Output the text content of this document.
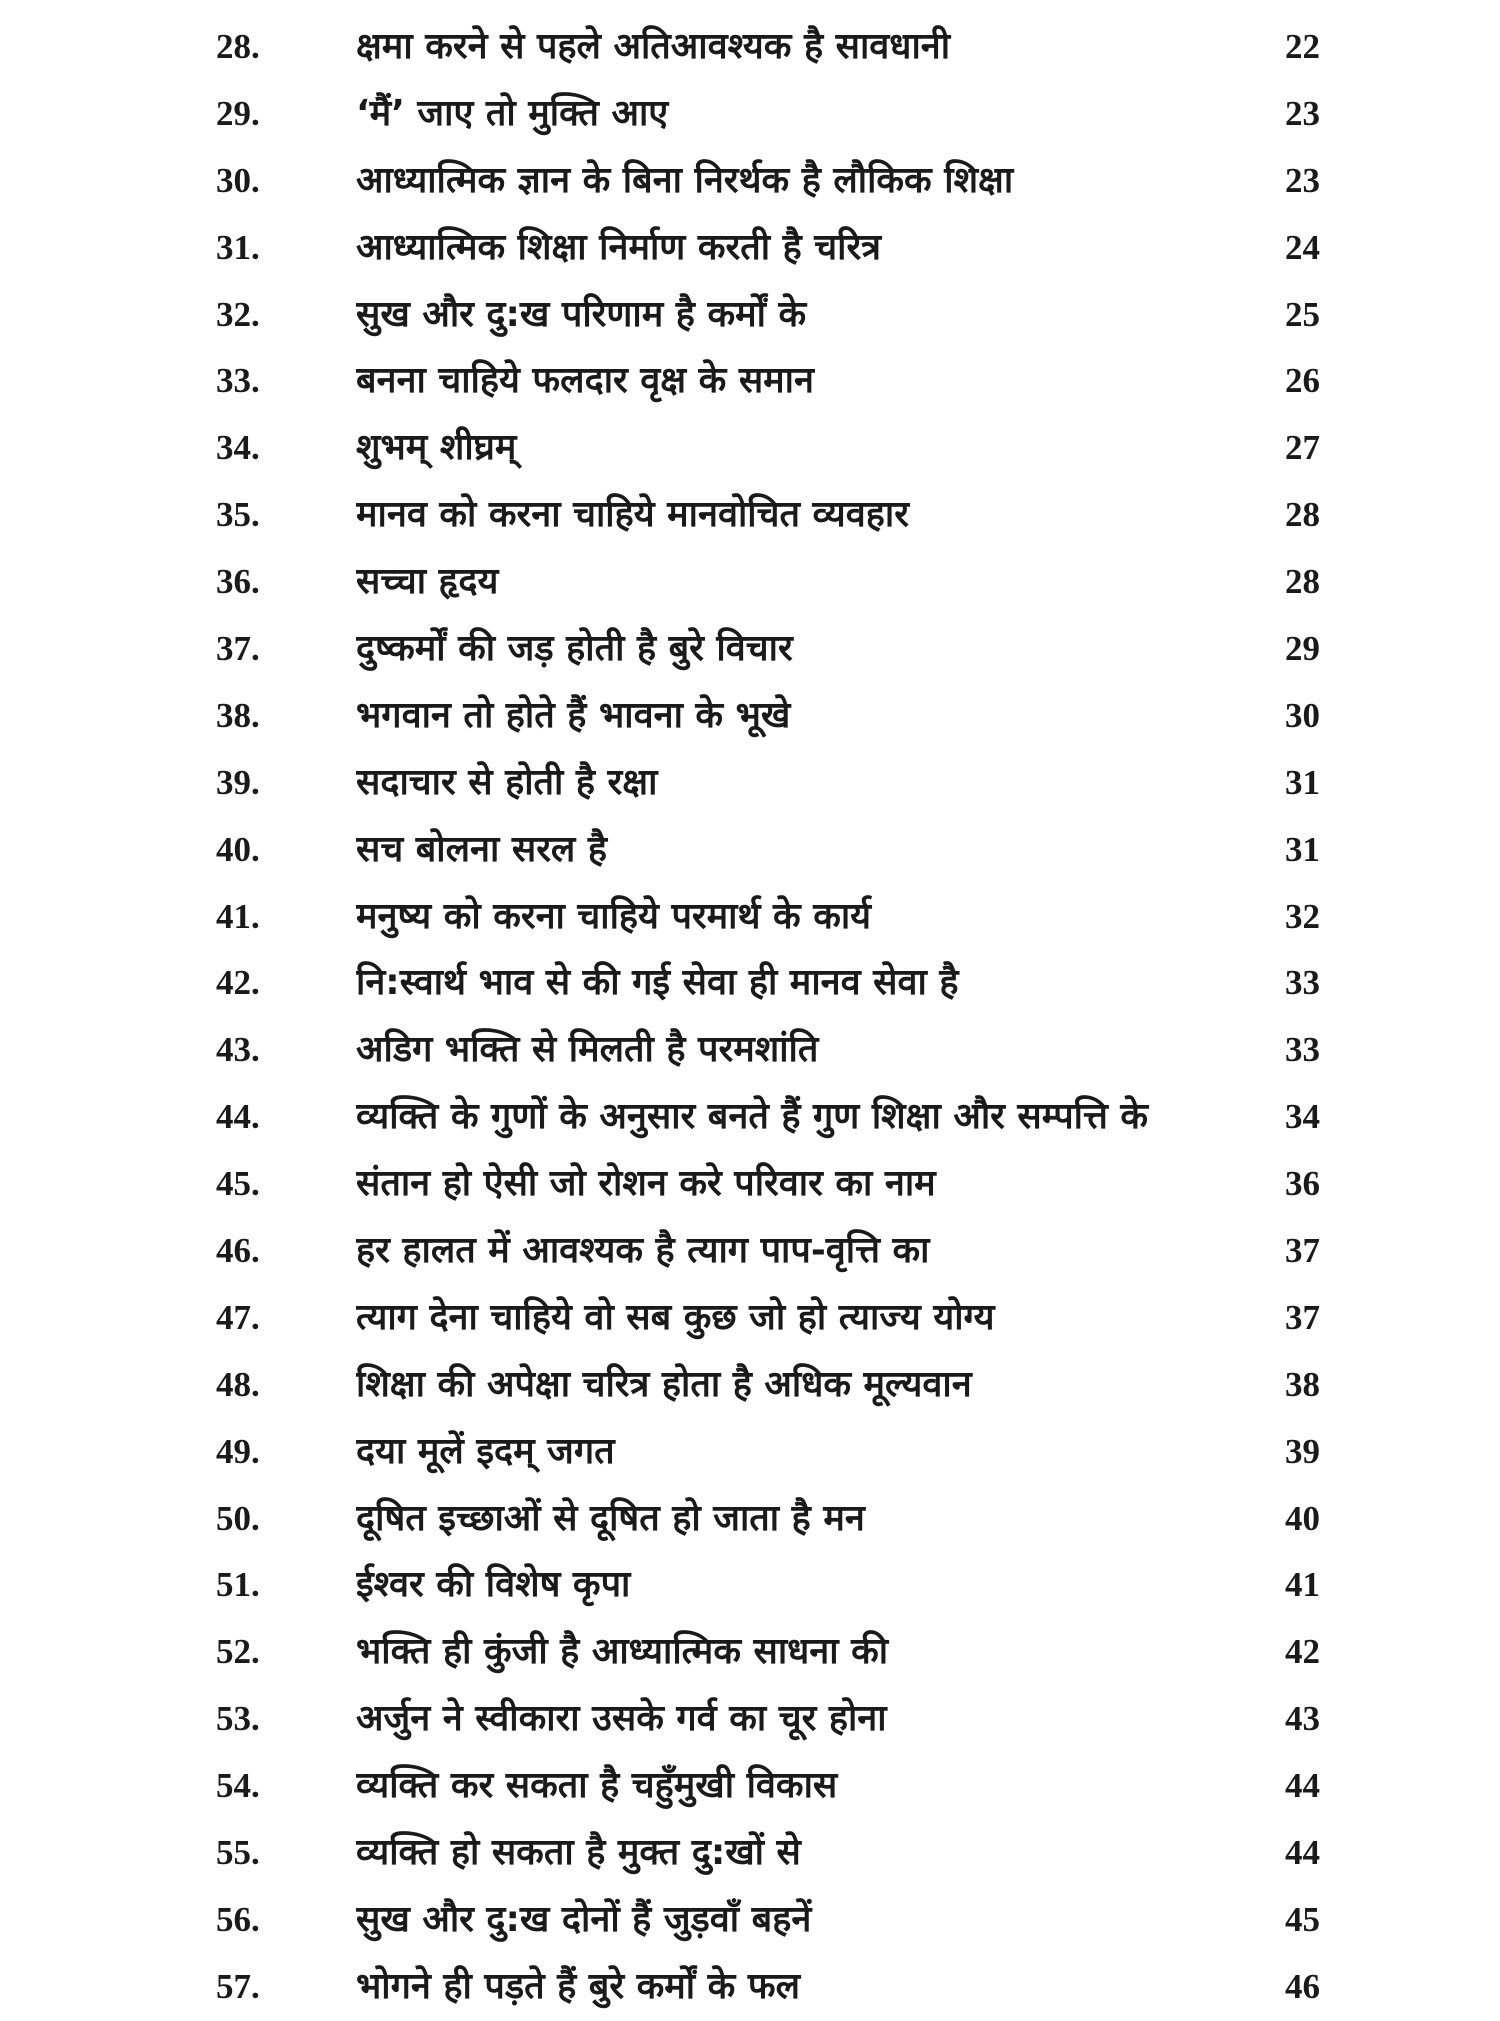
28.	क्षमा करने से पहले अतिआवश्यक है सावधानी	22
29.	‘मैं’ जाए तो मुक्ति आए	23
30.	आध्यात्मिक ज्ञान के बिना निरर्थक है लौकिक शिक्षा	23
31.	आध्यात्मिक शिक्षा निर्माण करती है चरित्र	24
32.	सुख और दु:ख परिणाम है कर्मों के	25
33.	बनना चाहिये फलदार वृक्ष के समान	26
34.	शुभम् शीघ्रम्	27
35.	मानव को करना चाहिये मानवोचित व्यवहार	28
36.	सच्चा हृदय	28
37.	दुष्कर्मों की जड़ होती है बुरे विचार	29
38.	भगवान तो होते हैं भावना के भूखे	30
39.	सदाचार से होती है रक्षा	31
40.	सच बोलना सरल है	31
41.	मनुष्य को करना चाहिये परमार्थ के कार्य	32
42.	नि:स्वार्थ भाव से की गई सेवा ही मानव सेवा है	33
43.	अडिग भक्ति से मिलती है परमशांति	33
44.	व्यक्ति के गुणों के अनुसार बनते हैं गुण शिक्षा और सम्पत्ति के	34
45.	संतान हो ऐसी जो रोशन करे परिवार का नाम	36
46.	हर हालत में आवश्यक है त्याग पाप-वृत्ति का	37
47.	त्याग देना चाहिये वो सब कुछ जो हो त्याज्य योग्य	37
48.	शिक्षा की अपेक्षा चरित्र होता है अधिक मूल्यवान	38
49.	दया मूलें इदम् जगत	39
50.	दूषित इच्छाओं से दूषित हो जाता है मन	40
51.	ईश्वर की विशेष कृपा	41
52.	भक्ति ही कुंजी है आध्यात्मिक साधना की	42
53.	अर्जुन ने स्वीकारा उसके गर्व का चूर होना	43
54.	व्यक्ति कर सकता है चहुँमुखी विकास	44
55.	व्यक्ति हो सकता है मुक्त दु:खों से	44
56.	सुख और दु:ख दोनों हैं जुड़वाँ बहनें	45
57.	भोगने ही पड़ते हैं बुरे कर्मों के फल	46
